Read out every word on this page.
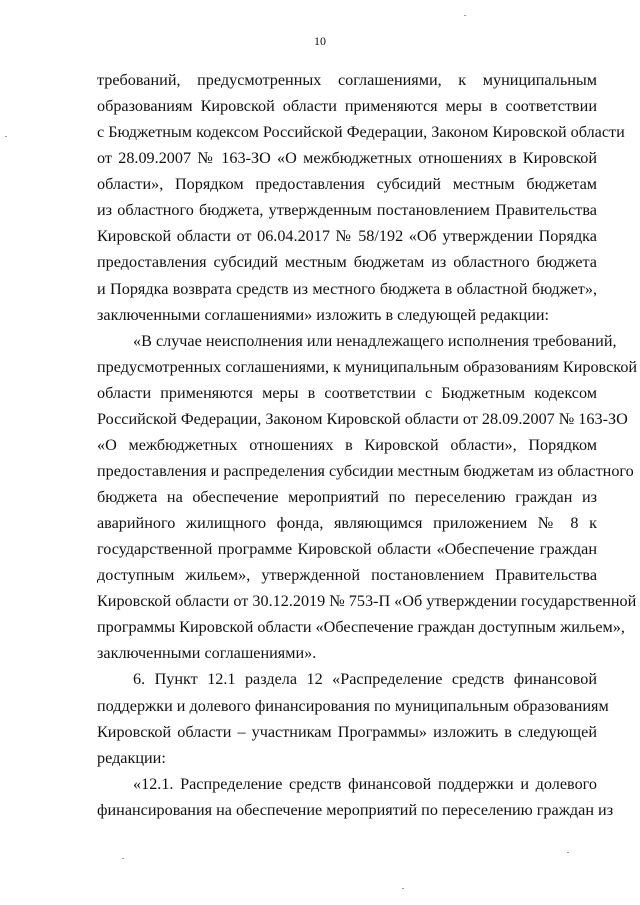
10
требований, предусмотренных соглашениями, к муниципальным
образованиям Кировской области применяются меры в соответствии
с Бюджетным кодексом Российской Федерации, Законом Кировской области
от 28.09.2007 № 163-ЗО «О межбюджетных отношениях в Кировской
области», Порядком предоставления субсидий местным бюджетам
из областного бюджета, утвержденным постановлением Правительства
Кировской области от 06.04.2017 № 58/192 «Об утверждении Порядка
предоставления субсидий местным бюджетам из областного бюджета
и Порядка возврата средств из местного бюджета в областной бюджет»,
заключенными соглашениями» изложить в следующей редакции:
«В случае неисполнения или ненадлежащего исполнения требований,
предусмотренных соглашениями, к муниципальным образованиям Кировской
области применяются меры в соответствии с Бюджетным кодексом
Российской Федерации, Законом Кировской области от 28.09.2007 № 163-ЗО
«О межбюджетных отношениях в Кировской области», Порядком
предоставления и распределения субсидии местным бюджетам из областного
бюджета на обеспечение мероприятий по переселению граждан из
аварийного жилищного фонда, являющимся приложением № 8 к
государственной программе Кировской области «Обеспечение граждан
доступным жильем», утвержденной постановлением Правительства
Кировской области от 30.12.2019 № 753-П «Об утверждении государственной
программы Кировской области «Обеспечение граждан доступным жильем»,
заключенными соглашениями».
6. Пункт 12.1 раздела 12 «Распределение средств финансовой
поддержки и долевого финансирования по муниципальным образованиям
Кировской области – участникам Программы» изложить в следующей
редакции:
«12.1. Распределение средств финансовой поддержки и долевого
финансирования на обеспечение мероприятий по переселению граждан из
